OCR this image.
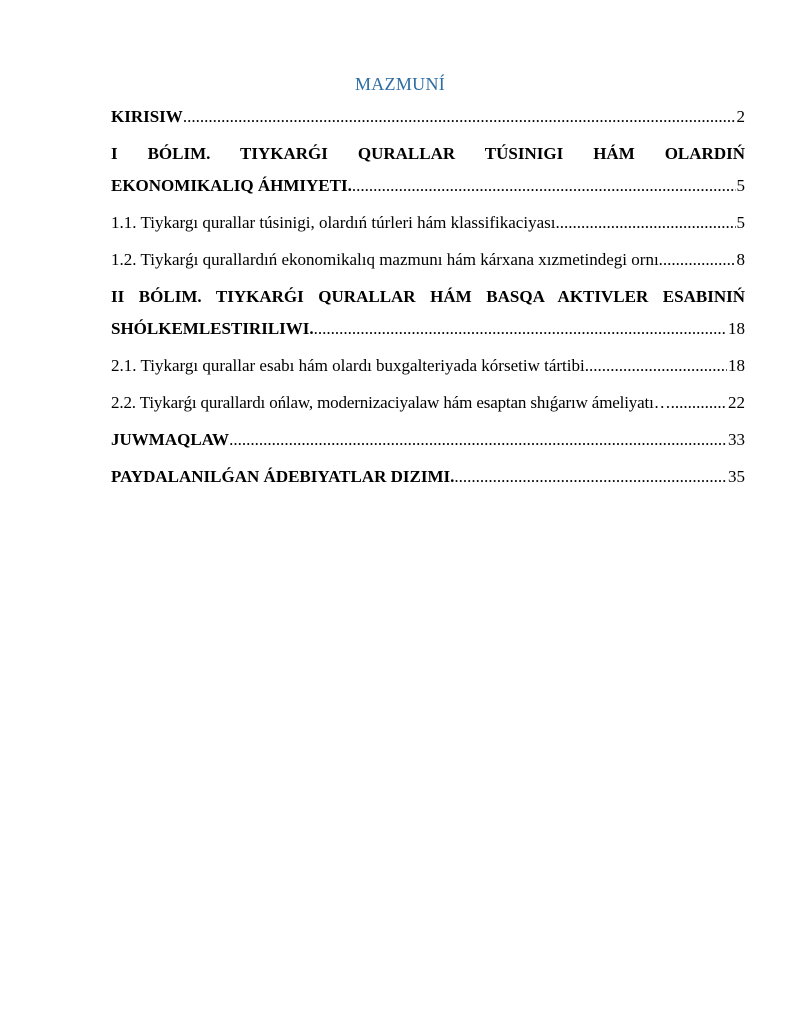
MAZMUNÍ
KIRISIW .....	2
I BÓLIM. TIYKARǴI QURALLAR TÚSINIGI HÁM OLARDIŃ
EKONOMIKALIQ ÁHMIYETI. .....	5
1.1. Tiykargı qurallar túsinigi, olardıń túrleri hám klassifikaciyası .....	5
1.2. Tiykarǵı qurallardıń ekonomikalıq mazmunı hám kárxana xızmetindegi ornı .....	8
II BÓLIM. TIYKARǴI QURALLAR HÁM BASQA AKTIVLER ESABINIŃ
SHÓLKEMLESTIRILIWI. .....	18
2.1. Tiykargı qurallar esabı hám olardı buxgalteriyada kórsetiw tártibi .....	18
2.2. Tiykarǵı qurallardı ońlaw, modernizaciyalaw hám esaptan shıǵarıw ámeliyatı… .....	22
JUWMAQLAW .....	33
PAYDALANILǴAN ÁDEBIYATLAR DIZIMI. .....	35
